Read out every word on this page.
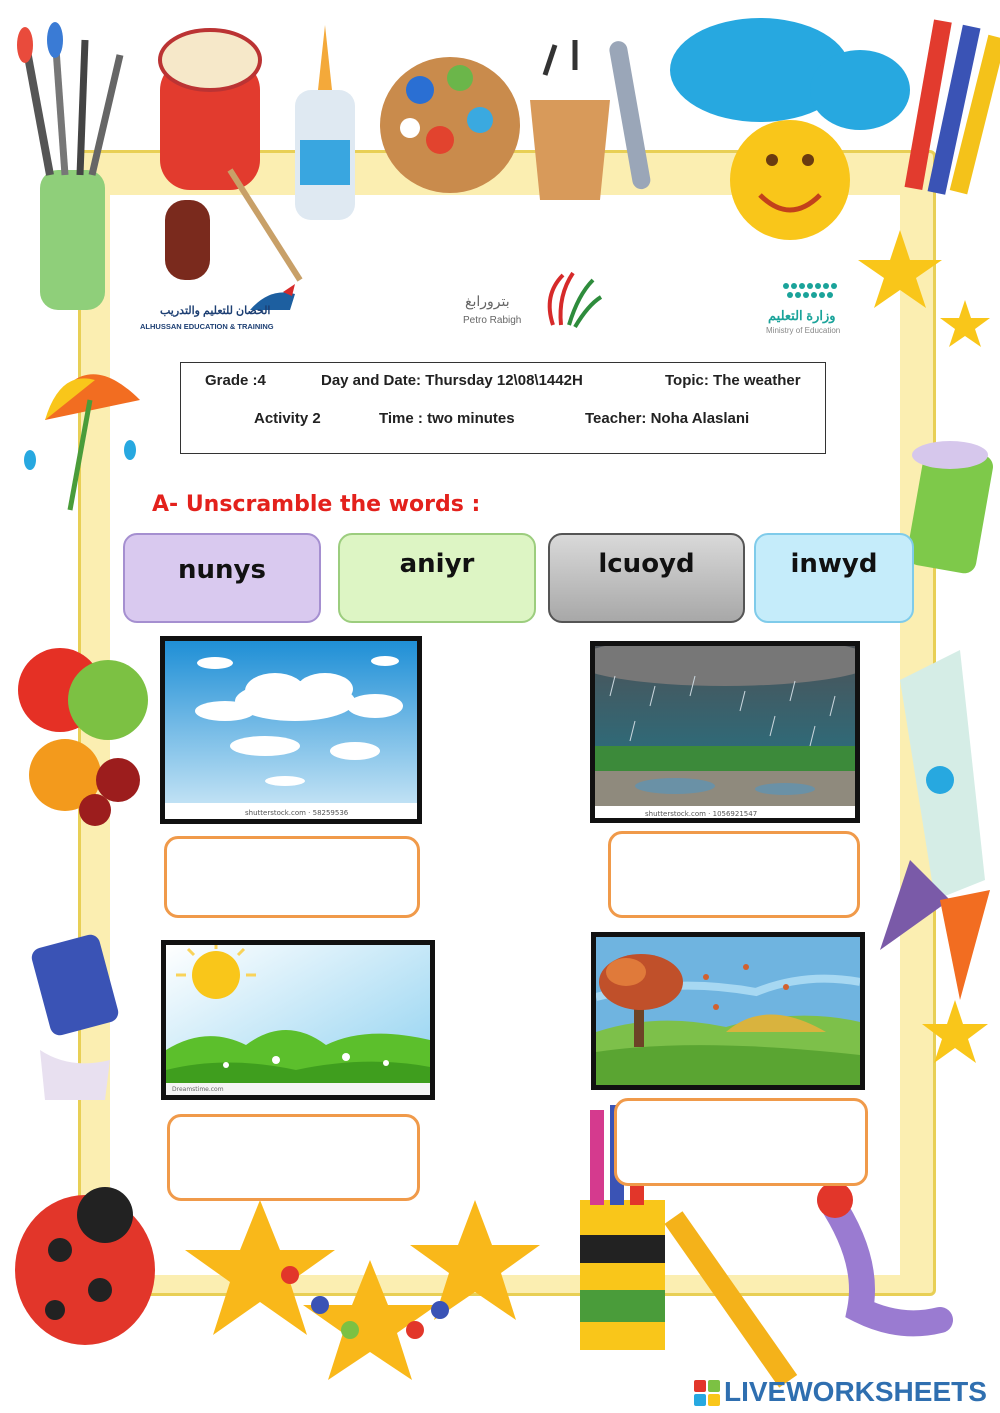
الحصان للتعليم والتدريب
ALHUSSAN EDUCATION & TRAINING
بترورابغ
Petro Rabigh	وزارة التعليم
Ministry of Education
Grade :4	Day and Date: Thursday 12\08\1442H	Topic: The weather
Activity 2	Time : two minutes	Teacher: Noha Alaslani
A- Unscramble the words :
nunys	aniyr	lcuoyd	inwyd
shutterstock.com · 58259536	shutterstock.com · 1056921547
Dreamstime.com
LIVEWORKSHEETS
